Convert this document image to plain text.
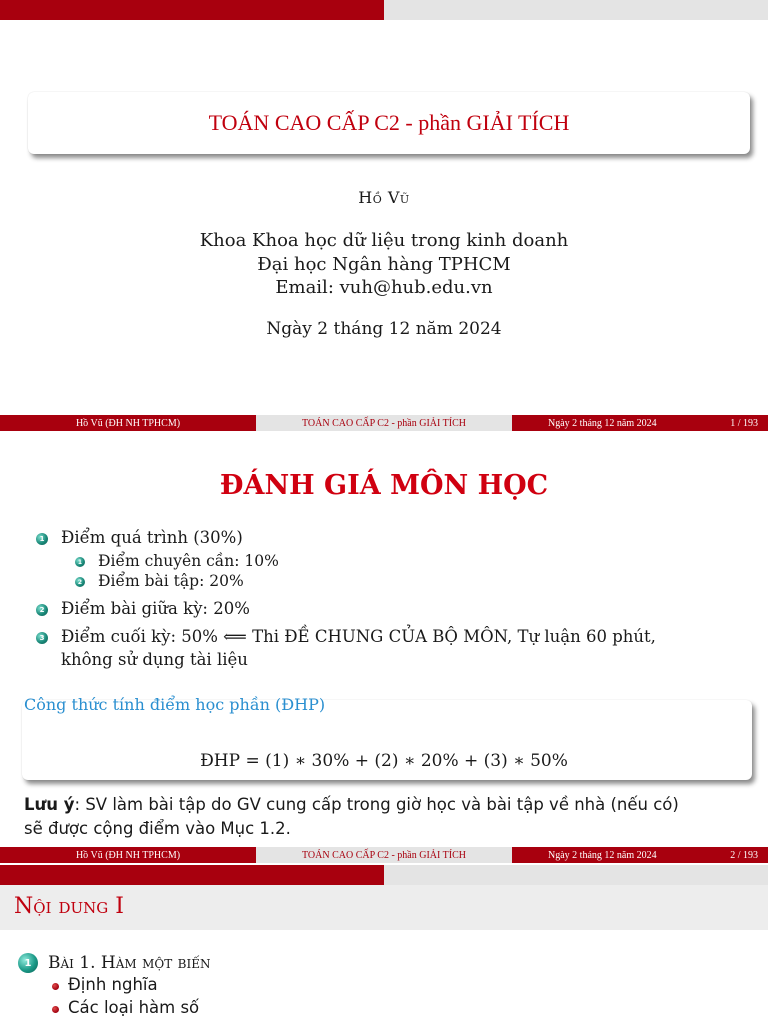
TOÁN CAO CẤP C2 - phần GIẢI TÍCH
Hồ Vũ
Khoa Khoa học dữ liệu trong kinh doanh
Đại học Ngân hàng TPHCM
Email: vuh@hub.edu.vn
Ngày 2 tháng 12 năm 2024
Hồ Vũ (ĐH NH TPHCM)	TOÁN CAO CẤP C2 - phần GIẢI TÍCH	Ngày 2 tháng 12 năm 2024	1 / 193
ĐÁNH GIÁ MÔN HỌC
1 Điểm quá trình (30%)
1 Điểm chuyên cần: 10%
2 Điểm bài tập: 20%
2 Điểm bài giữa kỳ: 20%
3 Điểm cuối kỳ: 50% ⟸ Thi ĐỀ CHUNG CỦA BỘ MÔN, Tự luận 60 phút,
không sử dụng tài liệu
Công thức tính điểm học phần (ĐHP)
ĐHP = (1) ∗ 30% + (2) ∗ 20% + (3) ∗ 50%
Lưu ý: SV làm bài tập do GV cung cấp trong giờ học và bài tập về nhà (nếu có)
sẽ được cộng điểm vào Mục 1.2.
Hồ Vũ (ĐH NH TPHCM)	TOÁN CAO CẤP C2 - phần GIẢI TÍCH	Ngày 2 tháng 12 năm 2024	2 / 193
Nội dung I
1 Bài 1. Hàm một biến
Định nghĩa
Các loại hàm số
